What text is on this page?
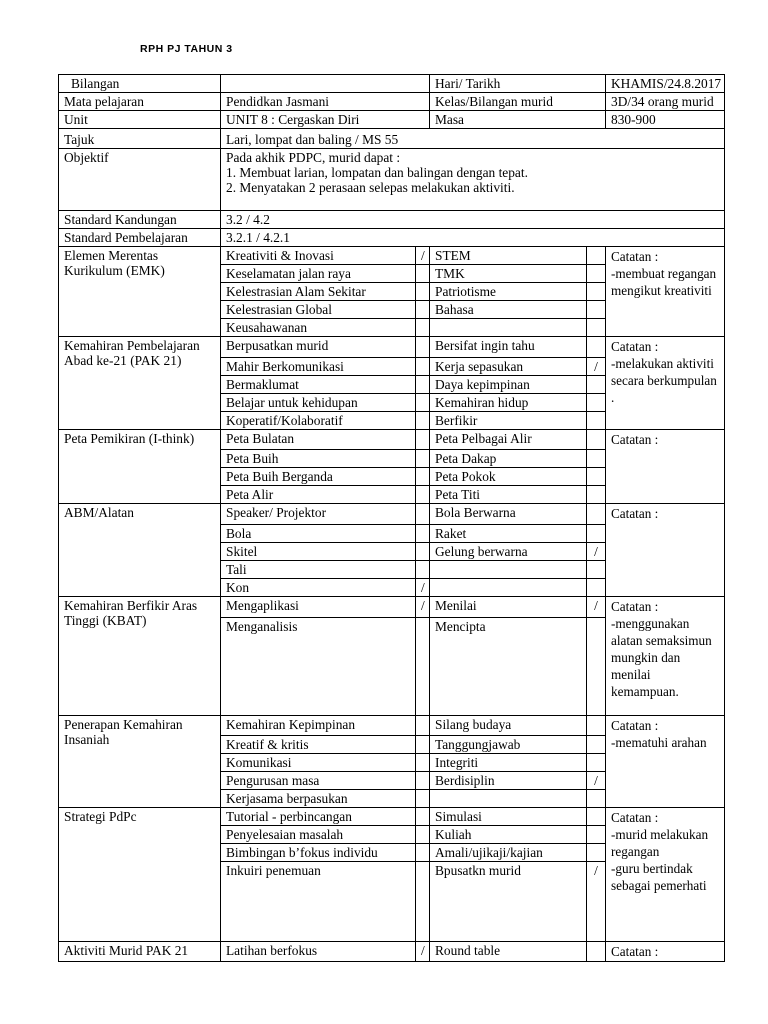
RPH PJ TAHUN 3
Bilangan			Hari/ Tarikh		KHAMIS/24.8.2017
Mata pelajaran	Pendidkan Jasmani		Kelas/Bilangan murid		3D/34 orang murid
Unit	UNIT 8 : Cergaskan Diri		Masa		830-900
Tajuk	Lari, lompat dan baling / MS 55				
Objektif	Pada akhik PDPC, murid dapat :
1. Membuat larian, lompatan dan balingan dengan tepat.
2. Menyatakan 2 perasaan selepas melakukan aktiviti.				

Standard Kandungan	3.2 / 4.2				
Standard Pembelajaran	3.2.1 / 4.2.1				
Elemen Merentas Kurikulum (EMK)	Kreativiti & Inovasi	/	STEM		Catatan :
-membuat regangan mengikut kreativiti
	Keselamatan jalan raya		TMK		
	Kelestrasian Alam Sekitar		Patriotisme		
	Kelestrasian Global		Bahasa		
	Keusahawanan				
Kemahiran Pembelajaran Abad ke-21 (PAK 21)	Berpusatkan murid		Bersifat ingin tahu		Catatan :
-melakukan aktiviti secara berkumpulan .
	Mahir Berkomunikasi		Kerja sepasukan	/	
	Bermaklumat		Daya kepimpinan		
	Belajar untuk kehidupan		Kemahiran hidup		
	Koperatif/Kolaboratif		Berfikir		
Peta Pemikiran (I-think)	Peta Bulatan		Peta Pelbagai Alir		Catatan :
	Peta Buih		Peta Dakap		
	Peta Buih Berganda		Peta Pokok		
	Peta Alir		Peta Titi		
ABM/Alatan	Speaker/ Projektor		Bola Berwarna		Catatan :
	Bola		Raket		
	Skitel		Gelung berwarna	/	
	Tali				
	Kon	/			
Kemahiran Berfikir Aras Tinggi (KBAT)	Mengaplikasi	/	Menilai	/	Catatan :
-menggunakan alatan semaksimun mungkin dan menilai kemampuan.
	Menganalisis		Mencipta		
Penerapan Kemahiran Insaniah	Kemahiran Kepimpinan		Silang budaya		Catatan :
-mematuhi arahan
	Kreatif & kritis		Tanggungjawab		
	Komunikasi		Integriti		
	Pengurusan masa		Berdisiplin	/	
	Kerjasama berpasukan				
Strategi PdPc	Tutorial - perbincangan		Simulasi		Catatan :
-murid melakukan regangan
-guru bertindak sebagai pemerhati
	Penyelesaian masalah		Kuliah		
	Bimbingan b’fokus individu		Amali/ujikaji/kajian		
	Inkuiri penemuan		Bpusatkn murid	/	
Aktiviti Murid PAK 21	Latihan berfokus	/	Round table		Catatan :
